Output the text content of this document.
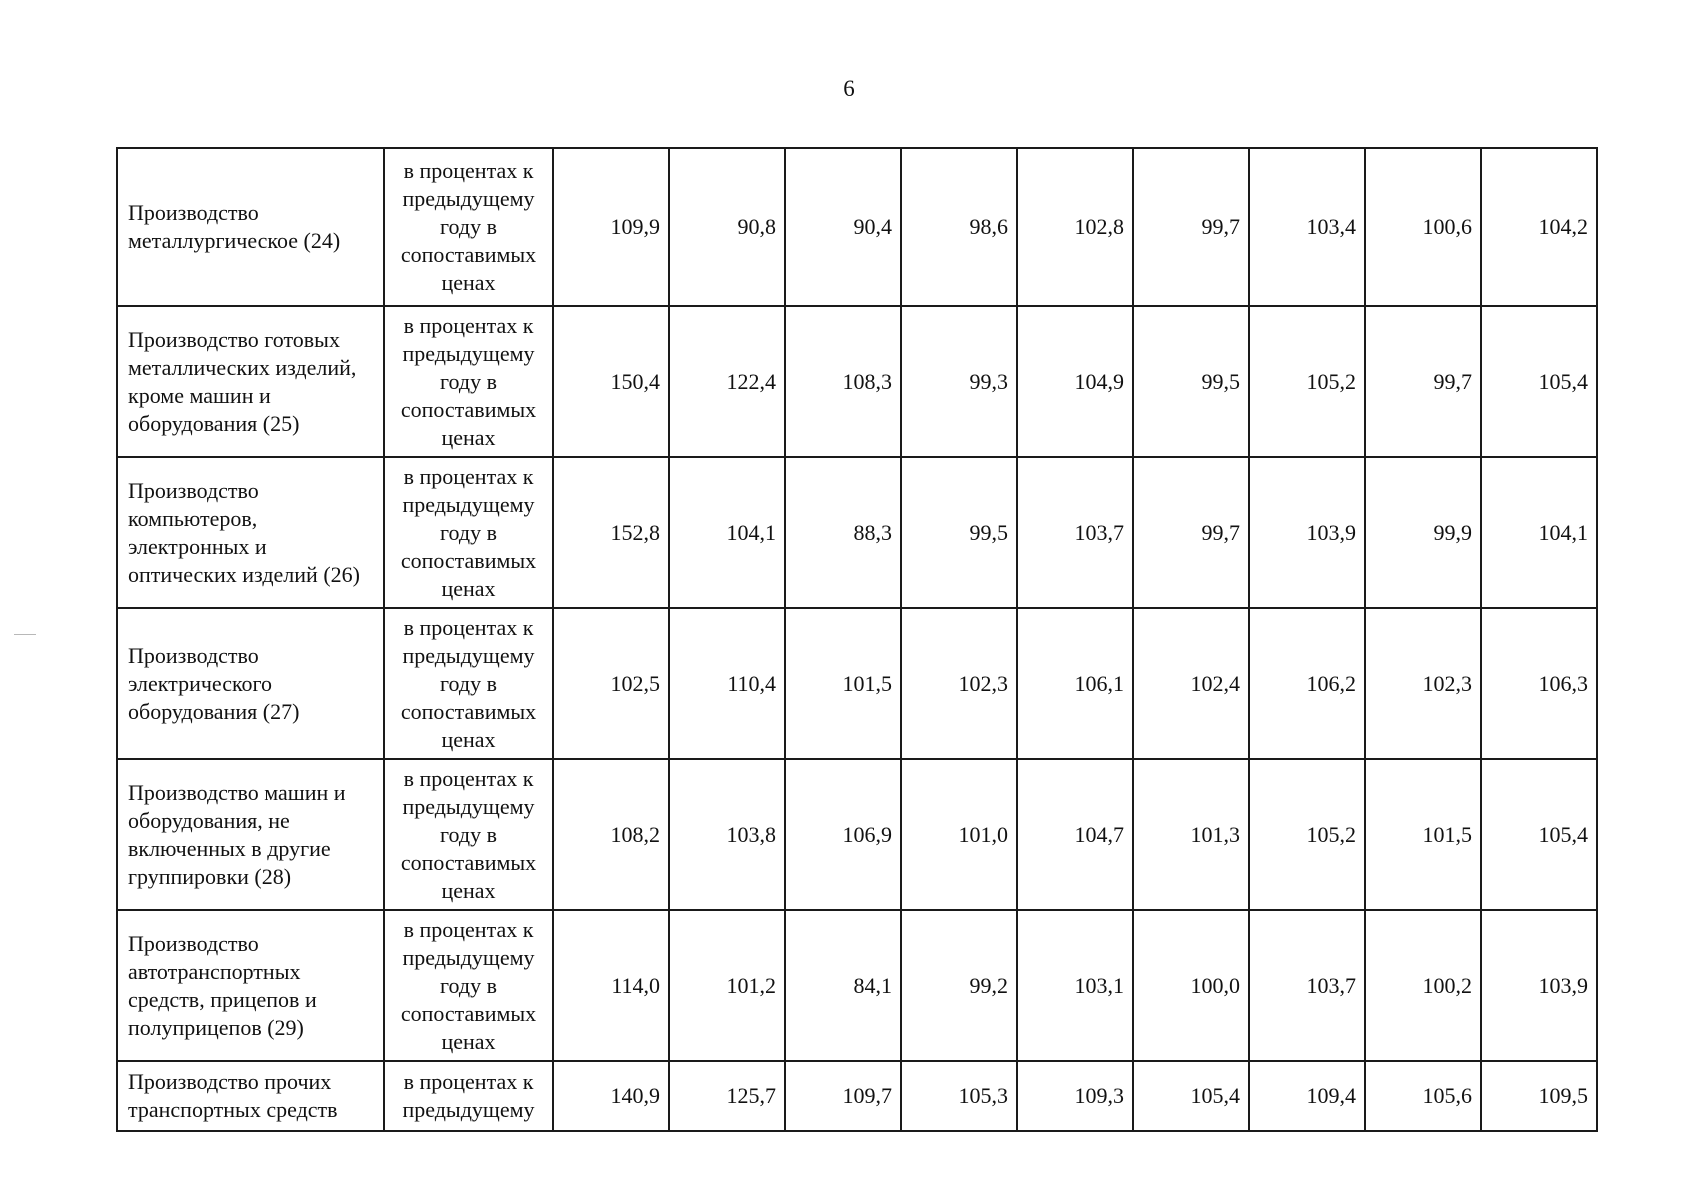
6
Производство металлургическое (24)	в процентах к предыдущему году в сопоставимых ценах	109,9	90,8	90,4	98,6	102,8	99,7	103,4	100,6	104,2
Производство готовых металлических изделий, кроме машин и оборудования (25)	в процентах к предыдущему году в сопоставимых ценах	150,4	122,4	108,3	99,3	104,9	99,5	105,2	99,7	105,4
Производство компьютеров, электронных и оптических изделий (26)	в процентах к предыдущему году в сопоставимых ценах	152,8	104,1	88,3	99,5	103,7	99,7	103,9	99,9	104,1
Производство электрического оборудования (27)	в процентах к предыдущему году в сопоставимых ценах	102,5	110,4	101,5	102,3	106,1	102,4	106,2	102,3	106,3
Производство машин и оборудования, не включенных в другие группировки (28)	в процентах к предыдущему году в сопоставимых ценах	108,2	103,8	106,9	101,0	104,7	101,3	105,2	101,5	105,4
Производство автотранспортных средств, прицепов и полуприцепов (29)	в процентах к предыдущему году в сопоставимых ценах	114,0	101,2	84,1	99,2	103,1	100,0	103,7	100,2	103,9
Производство прочих транспортных средств	в процентах к предыдущему	140,9	125,7	109,7	105,3	109,3	105,4	109,4	105,6	109,5
